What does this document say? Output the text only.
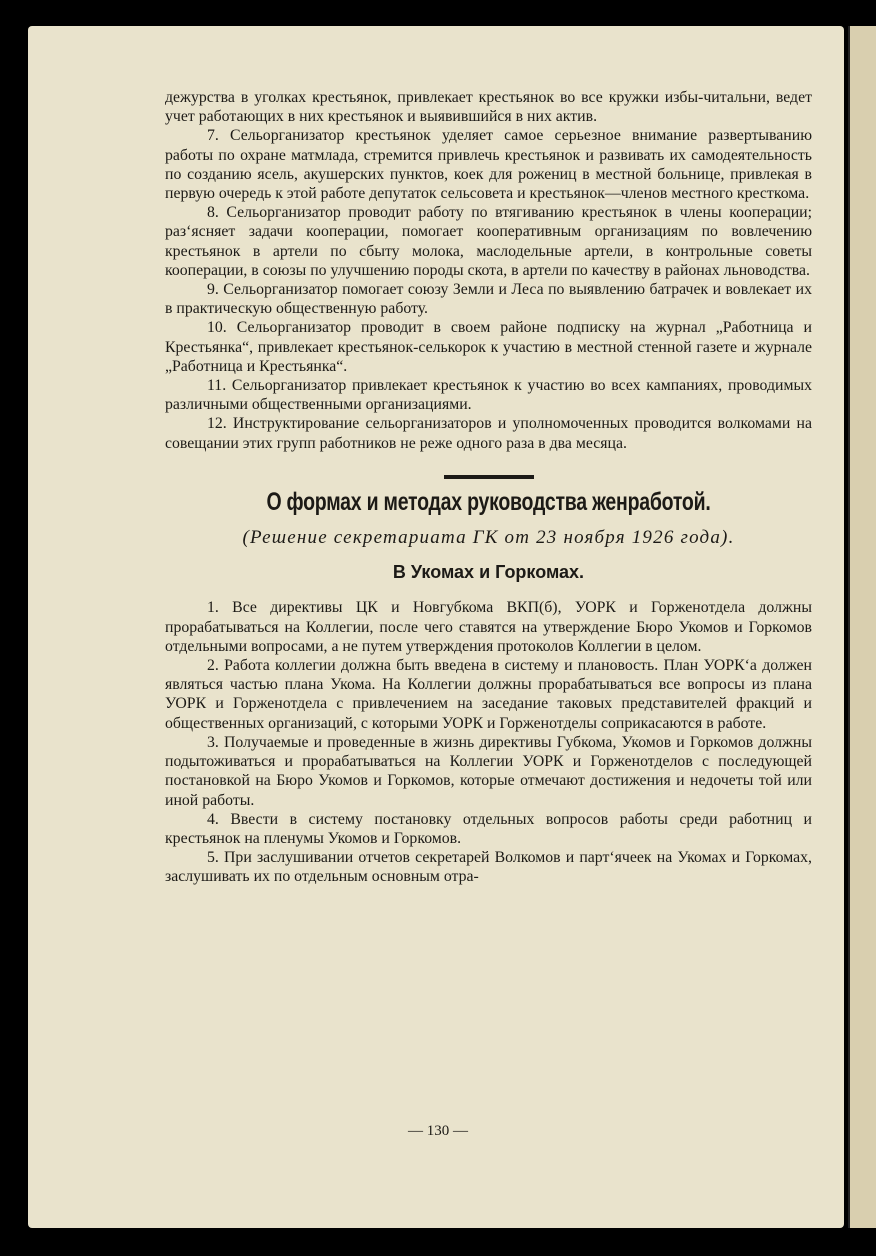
дежурства в уголках крестьянок, привлекает крестьянок во все кружки избы-читальни, ведет учет работающих в них крестьянок и выявившийся в них актив.

7. Сельорганизатор крестьянок уделяет самое серьезное внимание развертыванию работы по охране матмлада, стремится привлечь крестьянок и развивать их самодеятельность по созданию ясель, акушерских пунктов, коек для рожениц в местной больнице, привлекая в первую очередь к этой работе депутаток сельсовета и крестьянок—членов местного кресткома.

8. Сельорганизатор проводит работу по втягиванию крестьянок в члены кооперации; раз‘ясняет задачи кооперации, помогает кооперативным организациям по вовлечению крестьянок в артели по сбыту молока, маслодельные артели, в контрольные советы кооперации, в союзы по улучшению породы скота, в артели по качеству в районах льноводства.

9. Сельорганизатор помогает союзу Земли и Леса по выявлению батрачек и вовлекает их в практическую общественную работу.

10. Сельорганизатор проводит в своем районе подписку на журнал „Работница и Крестьянка“, привлекает крестьянок-селькорок к участию в местной стенной газете и журнале „Работница и Крестьянка“.

11. Сельорганизатор привлекает крестьянок к участию во всех кампаниях, проводимых различными общественными организациями.

12. Инструктирование сельорганизаторов и уполномоченных проводится волкомами на совещании этих групп работников не реже одного раза в два месяца.

О формах и методах руководства женработой.
(Решение секретариата ГК от 23 ноября 1926 года).
В Укомах и Горкомах.

1. Все директивы ЦК и Новгубкома ВКП(б), УОРК и Горженотдела должны прорабатываться на Коллегии, после чего ставятся на утверждение Бюро Укомов и Горкомов отдельными вопросами, а не путем утверждения протоколов Коллегии в целом.

2. Работа коллегии должна быть введена в систему и плановость. План УОРК‘а должен являться частью плана Укома. На Коллегии должны прорабатываться все вопросы из плана УОРК и Горженотдела с привлечением на заседание таковых представителей фракций и общественных организаций, с которыми УОРК и Горженотделы соприкасаются в работе.

3. Получаемые и проведенные в жизнь директивы Губкома, Укомов и Горкомов должны подытоживаться и прорабатываться на Коллегии УОРК и Горженотделов с последующей постановкой на Бюро Укомов и Горкомов, которые отмечают достижения и недочеты той или иной работы.

4. Ввести в систему постановку отдельных вопросов работы среди работниц и крестьянок на пленумы Укомов и Горкомов.

5. При заслушивании отчетов секретарей Волкомов и парт‘ячеек на Укомах и Горкомах, заслушивать их по отдельным основным отра-

— 130 —
